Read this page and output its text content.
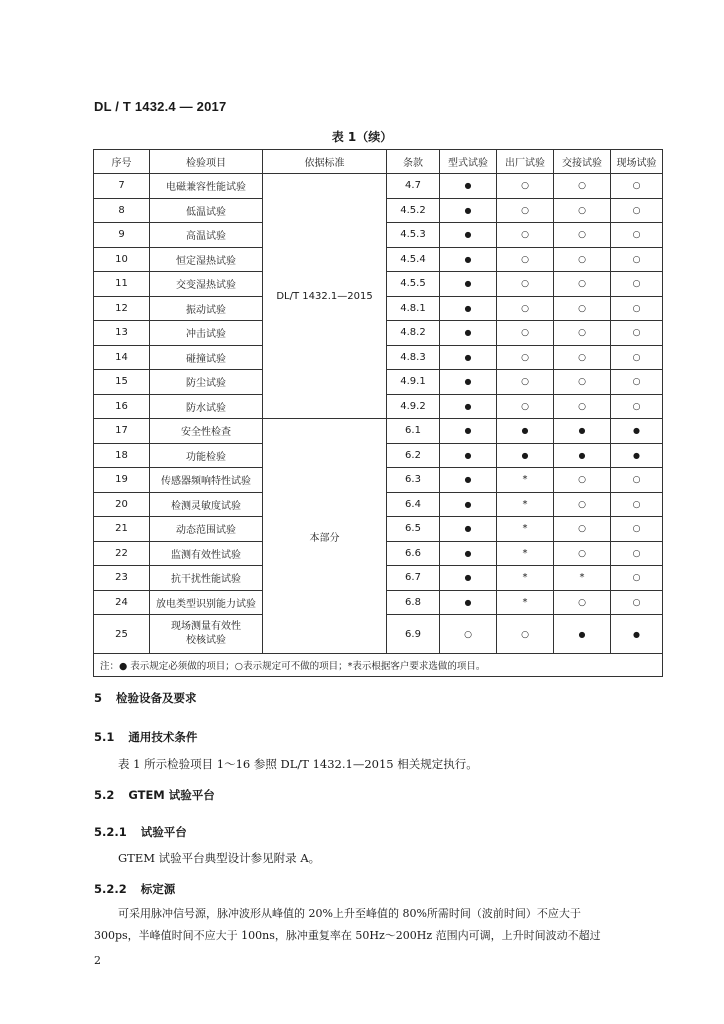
DL / T 1432.4 — 2017
表 1（续）
序号	检验项目	依据标准	条款	型式试验	出厂试验	交接试验	现场试验
7	电磁兼容性能试验	DL/T 1432.1—2015	4.7	●	○	○	○
8	低温试验		4.5.2	●	○	○	○
9	高温试验		4.5.3	●	○	○	○
10	恒定湿热试验		4.5.4	●	○	○	○
11	交变湿热试验		4.5.5	●	○	○	○
12	振动试验		4.8.1	●	○	○	○
13	冲击试验		4.8.2	●	○	○	○
14	碰撞试验		4.8.3	●	○	○	○
15	防尘试验		4.9.1	●	○	○	○
16	防水试验		4.9.2	●	○	○	○
17	安全性检查	本部分	6.1	●	●	●	●
18	功能检验		6.2	●	●	●	●
19	传感器频响特性试验		6.3	●	*	○	○
20	检测灵敏度试验		6.4	●	*	○	○
21	动态范围试验		6.5	●	*	○	○
22	监测有效性试验		6.6	●	*	○	○
23	抗干扰性能试验		6.7	●	*	*	○
24	放电类型识别能力试验		6.8	●	*	○	○
25	现场测量有效性
校核试验		6.9	○	○	●	●
注：● 表示规定必须做的项目；○表示规定可不做的项目；*表示根据客户要求选做的项目。							
5 检验设备及要求
5.1 通用技术条件
表 1 所示检验项目 1～16 参照 DL/T 1432.1—2015 相关规定执行。
5.2 GTEM 试验平台
5.2.1 试验平台
GTEM 试验平台典型设计参见附录 A。
5.2.2 标定源
可采用脉冲信号源，脉冲波形从峰值的 20%上升至峰值的 80%所需时间（波前时间）不应大于
300ps，半峰值时间不应大于 100ns，脉冲重复率在 50Hz～200Hz 范围内可调，上升时间波动不超过
2
